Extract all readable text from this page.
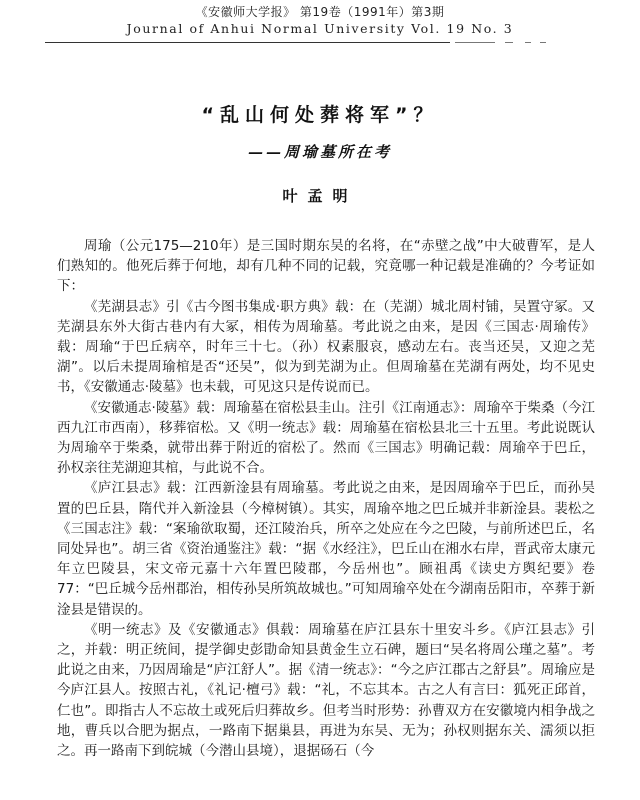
《安徽师大学报》 第19卷（1991年）第3期
Journal of Anhui Normal University Vol. 19 No. 3
“乱山何处葬将军”？
——周瑜墓所在考
叶孟明

周瑜（公元175—210年）是三国时期东吴的名将，在“赤壁之战”中大破曹军，是人们熟知的。他死后葬于何地，却有几种不同的记载，究竟哪一种记载是准确的？今考证如下：

《芜湖县志》引《古今图书集成·职方典》载：在（芜湖）城北周村铺，吴置守冢。又芜湖县东外大街古巷内有大冢，相传为周瑜墓。考此说之由来，是因《三国志·周瑜传》载：周瑜“于巴丘病卒，时年三十七。（孙）权素服哀，感动左右。丧当还吴，又迎之芜湖”。以后未提周瑜棺是否“还吴”，似为到芜湖为止。但周瑜墓在芜湖有两处，均不见史书，《安徽通志·陵墓》也未载，可见这只是传说而已。

《安徽通志·陵墓》载：周瑜墓在宿松县圭山。注引《江南通志》：周瑜卒于柴桑（今江西九江市西南），移葬宿松。又《明一统志》载：周瑜墓在宿松县北三十五里。考此说既认为周瑜卒于柴桑，就带出葬于附近的宿松了。然而《三国志》明确记载：周瑜卒于巴丘，孙权亲往芜湖迎其棺，与此说不合。

《庐江县志》载：江西新淦县有周瑜墓。考此说之由来，是因周瑜卒于巴丘，而孙吴置的巴丘县，隋代并入新淦县（今樟树镇）。其实，周瑜卒地之巴丘城并非新淦县。裴松之《三国志注》载：“案瑜欲取蜀，还江陵治兵，所卒之处应在今之巴陵，与前所述巴丘，名同处异也”。胡三省《资治通鉴注》载：“据《水经注》，巴丘山在湘水右岸，晋武帝太康元年立巴陵县，宋文帝元嘉十六年置巴陵郡，今岳州也”。顾祖禹《读史方舆纪要》卷77：“巴丘城今岳州郡治，相传孙吴所筑故城也。”可知周瑜卒处在今湖南岳阳市，卒葬于新淦县是错误的。

《明一统志》及《安徽通志》俱载：周瑜墓在庐江县东十里安斗乡。《庐江县志》引之，并载：明正统间，提学御史彭勖命知县黄金生立石碑，题曰“吴名将周公瑾之墓”。考此说之由来，乃因周瑜是“庐江舒人”。据《清一统志》：“今之庐江郡古之舒县”。周瑜应是今庐江县人。按照古礼，《礼记·檀弓》载：“礼，不忘其本。古之人有言曰：狐死正邱首，仁也”。即指古人不忘故土或死后归葬故乡。但考当时形势：孙曹双方在安徽境内相争战之地，曹兵以合肥为据点，一路南下据巢县，再进为东吴、无为；孙权则据东关、濡须以拒之。再一路南下到皖城（今潜山县境），退据砀石（今
